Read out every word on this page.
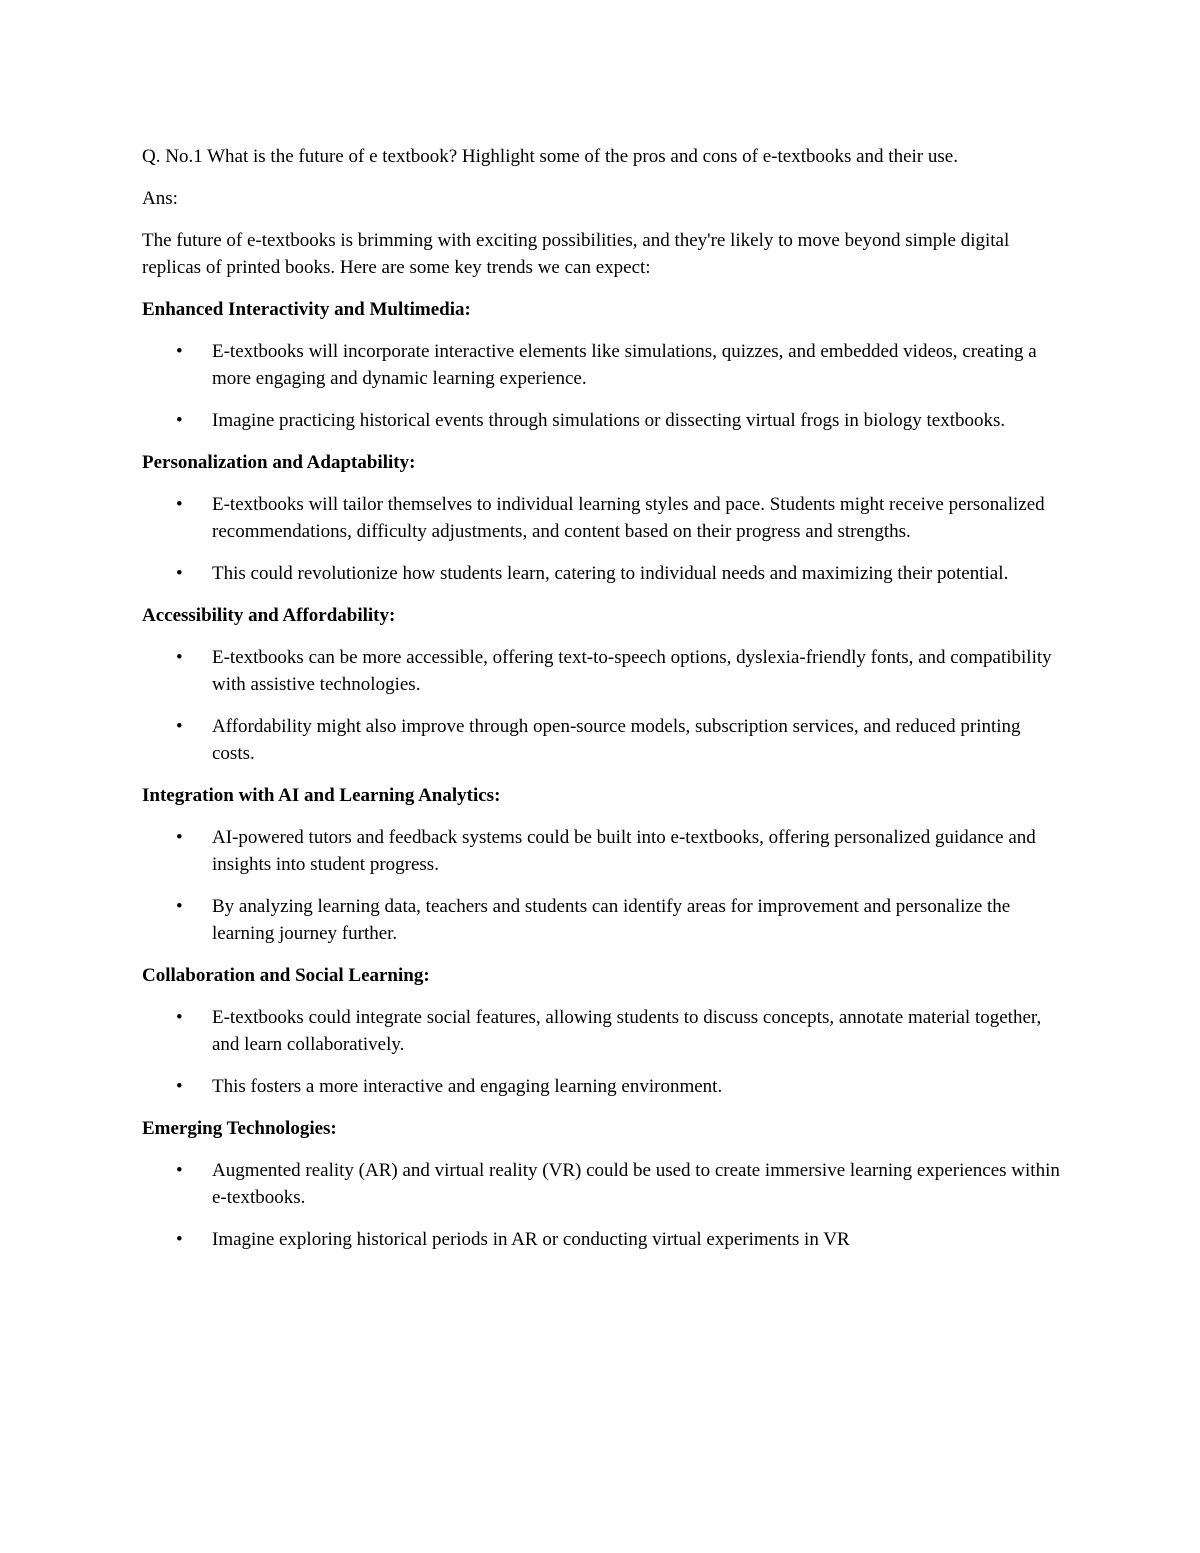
Q. No.1 What is the future of e textbook? Highlight some of the pros and cons of e-textbooks and their use.

Ans:

The future of e-textbooks is brimming with exciting possibilities, and they're likely to move beyond simple digital replicas of printed books. Here are some key trends we can expect:

Enhanced Interactivity and Multimedia:

• E-textbooks will incorporate interactive elements like simulations, quizzes, and embedded videos, creating a more engaging and dynamic learning experience.
• Imagine practicing historical events through simulations or dissecting virtual frogs in biology textbooks.

Personalization and Adaptability:

• E-textbooks will tailor themselves to individual learning styles and pace. Students might receive personalized recommendations, difficulty adjustments, and content based on their progress and strengths.
• This could revolutionize how students learn, catering to individual needs and maximizing their potential.

Accessibility and Affordability:

• E-textbooks can be more accessible, offering text-to-speech options, dyslexia-friendly fonts, and compatibility with assistive technologies.
• Affordability might also improve through open-source models, subscription services, and reduced printing costs.

Integration with AI and Learning Analytics:

• AI-powered tutors and feedback systems could be built into e-textbooks, offering personalized guidance and insights into student progress.
• By analyzing learning data, teachers and students can identify areas for improvement and personalize the learning journey further.

Collaboration and Social Learning:

• E-textbooks could integrate social features, allowing students to discuss concepts, annotate material together, and learn collaboratively.
• This fosters a more interactive and engaging learning environment.

Emerging Technologies:

• Augmented reality (AR) and virtual reality (VR) could be used to create immersive learning experiences within e-textbooks.
• Imagine exploring historical periods in AR or conducting virtual experiments in VR
